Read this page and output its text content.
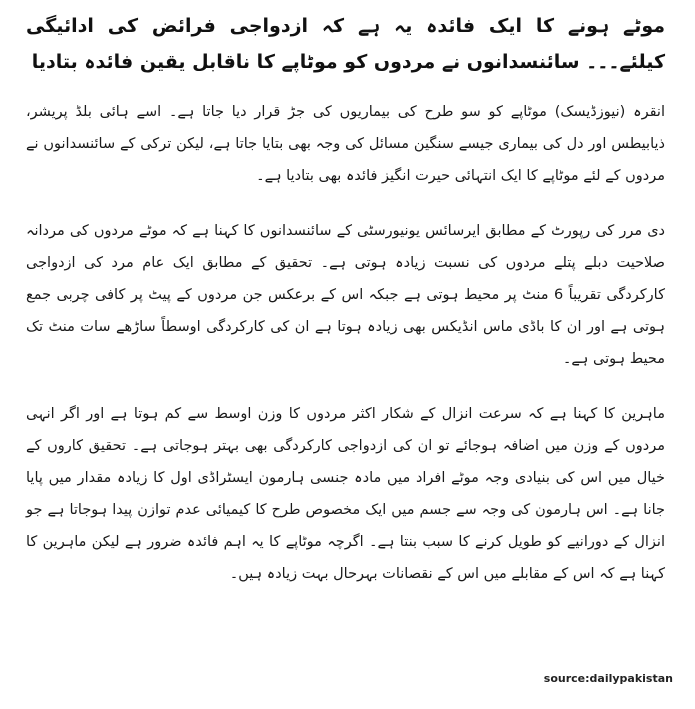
موٹے ہونے کا ایک فائدہ یہ ہے کہ ازدواجی فرائض کی ادائیگی کیلئے۔۔۔ سائنسدانوں نے مردوں کو موٹاپے کا ناقابل یقین فائدہ بتادیا

انقرہ (نیوزڈیسک) موٹاپے کو سو طرح کی بیماریوں کی جڑ قرار دیا جاتا ہے۔ اسے ہائی بلڈ پریشر، ذیابیطس اور دل کی بیماری جیسے سنگین مسائل کی وجہ بھی بتایا جاتا ہے، لیکن ترکی کے سائنسدانوں نے مردوں کے لئے موٹاپے کا ایک انتہائی حیرت انگیز فائدہ بھی بتادیا ہے۔

دی مرر کی رپورٹ کے مطابق ایرسائس یونیورسٹی کے سائنسدانوں کا کہنا ہے کہ موٹے مردوں کی مردانہ صلاحیت دبلے پتلے مردوں کی نسبت زیادہ ہوتی ہے۔ تحقیق کے مطابق ایک عام مرد کی ازدواجی کارکردگی تقریباً 6 منٹ پر محیط ہوتی ہے جبکہ اس کے برعکس جن مردوں کے پیٹ پر کافی چربی جمع ہوتی ہے اور ان کا باڈی ماس انڈیکس بھی زیادہ ہوتا ہے ان کی کارکردگی اوسطاً ساڑھے سات منٹ تک محیط ہوتی ہے۔

ماہرین کا کہنا ہے کہ سرعت انزال کے شکار اکثر مردوں کا وزن اوسط سے کم ہوتا ہے اور اگر انہی مردوں کے وزن میں اضافہ ہوجائے تو ان کی ازدواجی کارکردگی بھی بہتر ہوجاتی ہے۔ تحقیق کاروں کے خیال میں اس کی بنیادی وجہ موٹے افراد میں مادہ جنسی ہارمون ایسٹراڈی اول کا زیادہ مقدار میں پایا جانا ہے۔ اس ہارمون کی وجہ سے جسم میں ایک مخصوص طرح کا کیمیائی عدم توازن پیدا ہوجاتا ہے جو انزال کے دورانیے کو طویل کرنے کا سبب بنتا ہے۔ اگرچہ موٹاپے کا یہ اہم فائدہ ضرور ہے لیکن ماہرین کا کہنا ہے کہ اس کے مقابلے میں اس کے نقصانات بہرحال بہت زیادہ ہیں۔

source:dailypakistan
